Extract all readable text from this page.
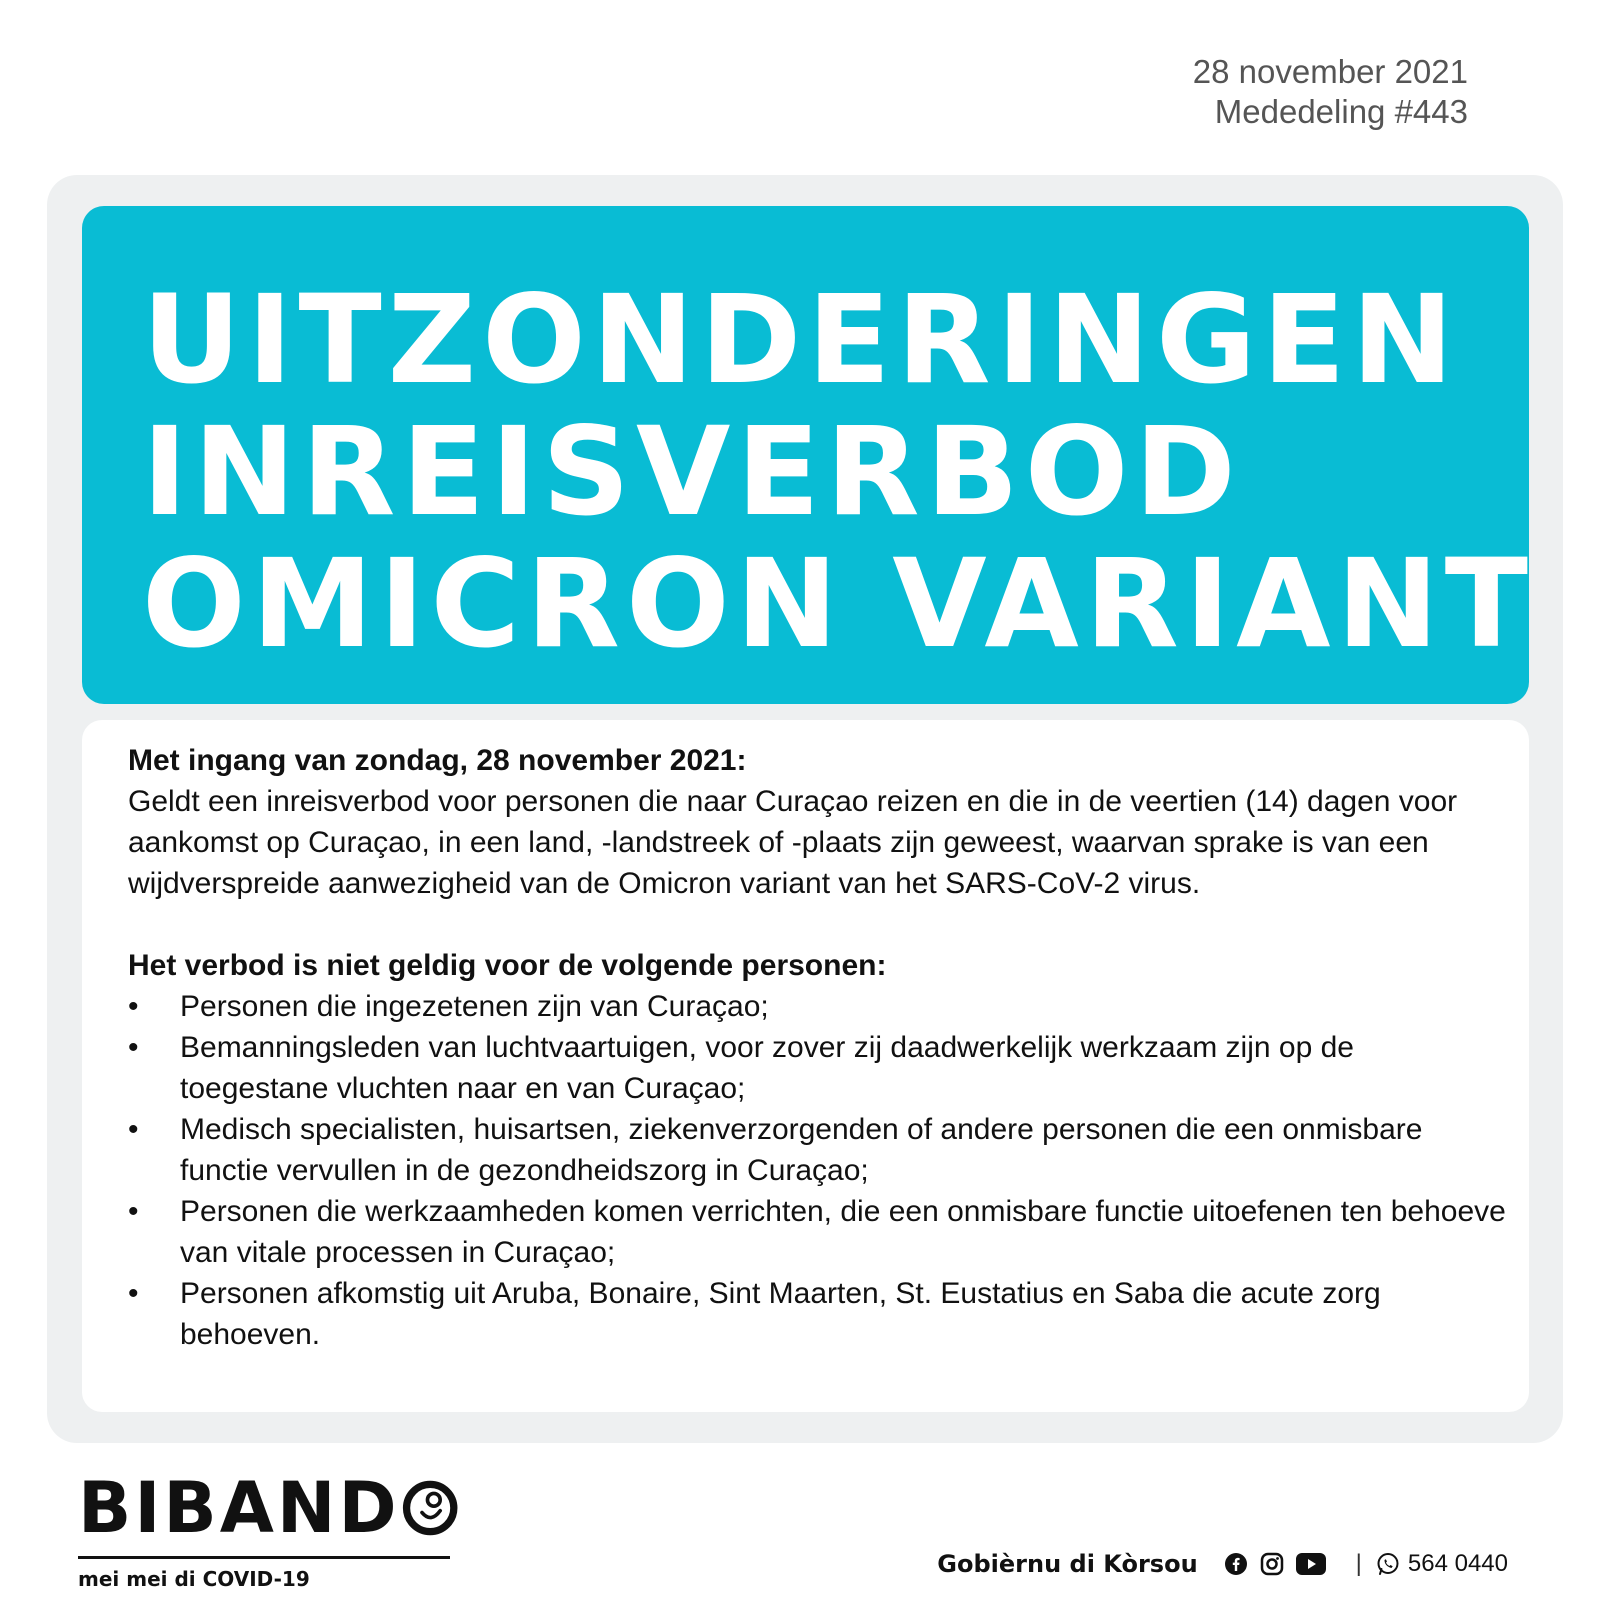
28 november 2021
Mededeling #443
UITZONDERINGEN
INREISVERBOD
OMICRON VARIANT
Met ingang van zondag, 28 november 2021:
Geldt een inreisverbod voor personen die naar Curaçao reizen en die in de veertien (14) dagen voor aankomst op Curaçao, in een land, -landstreek of -plaats zijn geweest, waarvan sprake is van een wijdverspreide aanwezigheid van de Omicron variant van het SARS-CoV-2 virus.
Het verbod is niet geldig voor de volgende personen:
• Personen die ingezetenen zijn van Curaçao;
• Bemanningsleden van luchtvaartuigen, voor zover zij daadwerkelijk werkzaam zijn op de toegestane vluchten naar en van Curaçao;
• Medisch specialisten, huisartsen, ziekenverzorgenden of andere personen die een onmisbare functie vervullen in de gezondheidszorg in Curaçao;
• Personen die werkzaamheden komen verrichten, die een onmisbare functie uitoefenen ten behoeve van vitale processen in Curaçao;
• Personen afkomstig uit Aruba, Bonaire, Sint Maarten, St. Eustatius en Saba die acute zorg behoeven.
BIBAND
mei mei di COVID-19
Gobièrnu di Kòrsou	| 564 0440
